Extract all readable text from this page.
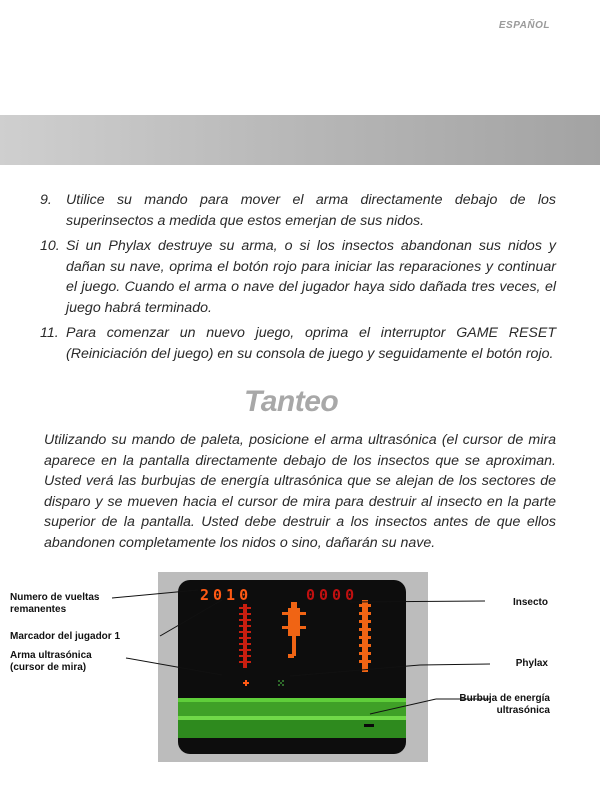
ESPAÑOL
9. Utilice su mando para mover el arma directamente debajo de los superinsectos a medida que estos emerjan de sus nidos.
10. Si un Phylax destruye su arma, o si los insectos abandonan sus nidos y dañan su nave, oprima el botón rojo para iniciar las reparaciones y continuar el juego. Cuando el arma o nave del jugador haya sido dañada tres veces, el juego habrá terminado.
11. Para comenzar un nuevo juego, oprima el interruptor GAME RESET (Reiniciación del juego) en su consola de juego y seguidamente el botón rojo.
Tanteo

Utilizando su mando de paleta, posicione el arma ultrasónica (el cursor de mira aparece en la pantalla directamente debajo de los insectos que se aproximan. Usted verá las burbujas de energía ultrasónica que se alejan de los sectores de disparo y se mueven hacia el cursor de mira para destruir al insecto en la parte superior de la pantalla. Usted debe destruir a los insectos antes de que ellos abandonen completamente los nidos o sino, dañarán su nave.

2010	0000
Numero de vueltas
remanentes
Marcador del jugador 1
Arma ultrasónica
(cursor de mira)
Insecto
Phylax
Burbuja de energía
ultrasónica
